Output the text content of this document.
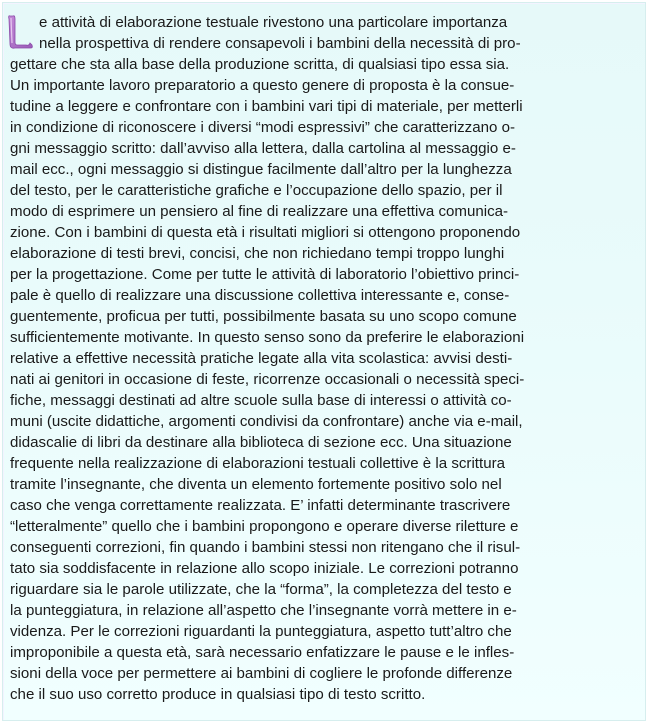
e attività di elaborazione testuale rivestono una particolare importanza
nella prospettiva di rendere consapevoli i bambini della necessità di pro-
gettare che sta alla base della produzione scritta, di qualsiasi tipo essa sia.
Un importante lavoro preparatorio a questo genere di proposta è la consue-
tudine a leggere e confrontare con i bambini vari tipi di materiale, per metterli
in condizione di riconoscere i diversi “modi espressivi” che caratterizzano o-
gni messaggio scritto: dall’avviso alla lettera, dalla cartolina al messaggio e-
mail ecc., ogni messaggio si distingue facilmente dall’altro per la lunghezza
del testo, per le caratteristiche grafiche e l’occupazione dello spazio, per il
modo di esprimere un pensiero al fine di realizzare una effettiva comunica-
zione. Con i bambini di questa età i risultati migliori si ottengono proponendo
elaborazione di testi brevi, concisi, che non richiedano tempi troppo lunghi
per la progettazione. Come per tutte le attività di laboratorio l’obiettivo princi-
pale è quello di realizzare una discussione collettiva interessante e, conse-
guentemente, proficua per tutti, possibilmente basata su uno scopo comune
sufficientemente motivante. In questo senso sono da preferire le elaborazioni
relative a effettive necessità pratiche legate alla vita scolastica: avvisi desti-
nati ai genitori in occasione di feste, ricorrenze occasionali o necessità speci-
fiche, messaggi destinati ad altre scuole sulla base di interessi o attività co-
muni (uscite didattiche, argomenti condivisi da confrontare) anche via e-mail,
didascalie di libri da destinare alla biblioteca di sezione ecc. Una situazione
frequente nella realizzazione di elaborazioni testuali collettive è la scrittura
tramite l’insegnante, che diventa un elemento fortemente positivo solo nel
caso che venga correttamente realizzata. E’ infatti determinante trascrivere
“letteralmente” quello che i bambini propongono e operare diverse riletture e
conseguenti correzioni, fin quando i bambini stessi non ritengano che il risul-
tato sia soddisfacente in relazione allo scopo iniziale. Le correzioni potranno
riguardare sia le parole utilizzate, che la “forma”, la completezza del testo e
la punteggiatura, in relazione all’aspetto che l’insegnante vorrà mettere in e-
videnza. Per le correzioni riguardanti la punteggiatura, aspetto tutt’altro che
improponibile a questa età, sarà necessario enfatizzare le pause e le infles-
sioni della voce per permettere ai bambini di cogliere le profonde differenze
che il suo uso corretto produce in qualsiasi tipo di testo scritto.
